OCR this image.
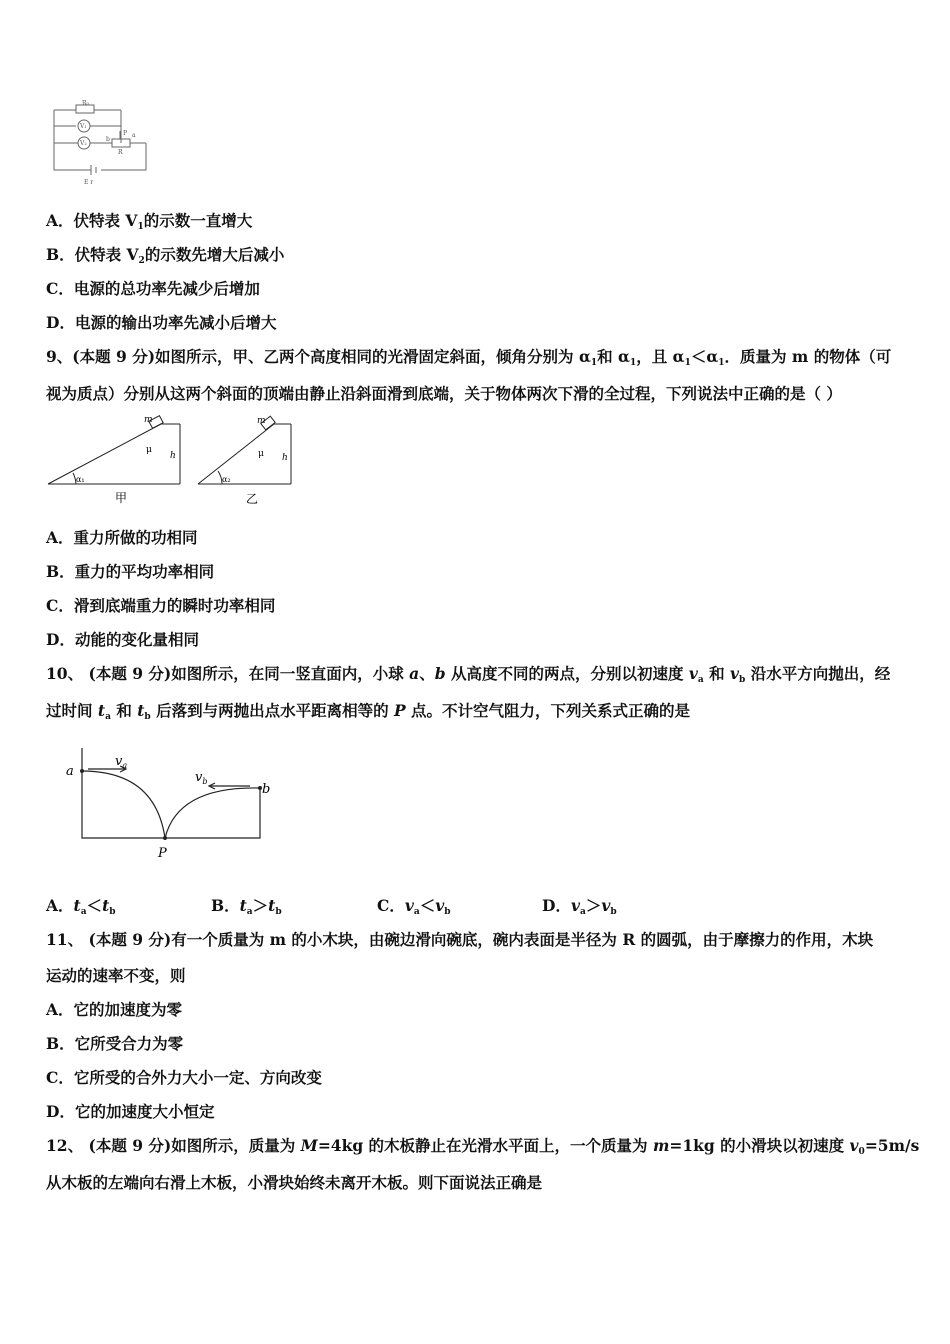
R₀
V₁
V₂
P a
b
R
E r
A．伏特表 $V_1$的示数一直增大
B．伏特表 $V_2$的示数先增大后减小
C．电源的总功率先减少后增加
D．电源的输出功率先减小后增大
9、(本题 9 分)如图所示，甲、乙两个高度相同的光滑固定斜面，倾角分别为 $\alpha_1$和 $\alpha_1$，且 $\alpha_1<\alpha_1$．质量为 m 的物体（可
视为质点）分别从这两个斜面的顶端由静止沿斜面滑到底端，关于物体两次下滑的全过程，下列说法中正确的是（ ）
m
μ
h
α₁
甲
m
μ h
α₂
乙
A．重力所做的功相同
B．重力的平均功率相同
C．滑到底端重力的瞬时功率相同
D．动能的变化量相同
10、 (本题 9 分)如图所示，在同一竖直面内，小球 a、b 从高度不同的两点，分别以初速度 $v_a$ 和 $v_b$ 沿水平方向抛出，经
过时间 $t_a$ 和 $t_b$ 后落到与两抛出点水平距离相等的 P 点。不计空气阻力，下列关系式正确的是
a
b
$v_a$
$v_b$
P
A．$t_a<t_b$	B．$t_a>t_b$	C．$v_a<v_b$	D．$v_a>v_b$
11、 (本题 9 分)有一个质量为 m 的小木块，由碗边滑向碗底，碗内表面是半径为 R 的圆弧，由于摩擦力的作用，木块
运动的速率不变，则
A．它的加速度为零
B．它所受合力为零
C．它所受的合外力大小一定、方向改变
D．它的加速度大小恒定
12、 (本题 9 分)如图所示，质量为 M=4kg 的木板静止在光滑水平面上，一个质量为 m=1kg 的小滑块以初速度 $v_0=5m/s$
从木板的左端向右滑上木板，小滑块始终未离开木板。则下面说法正确是
